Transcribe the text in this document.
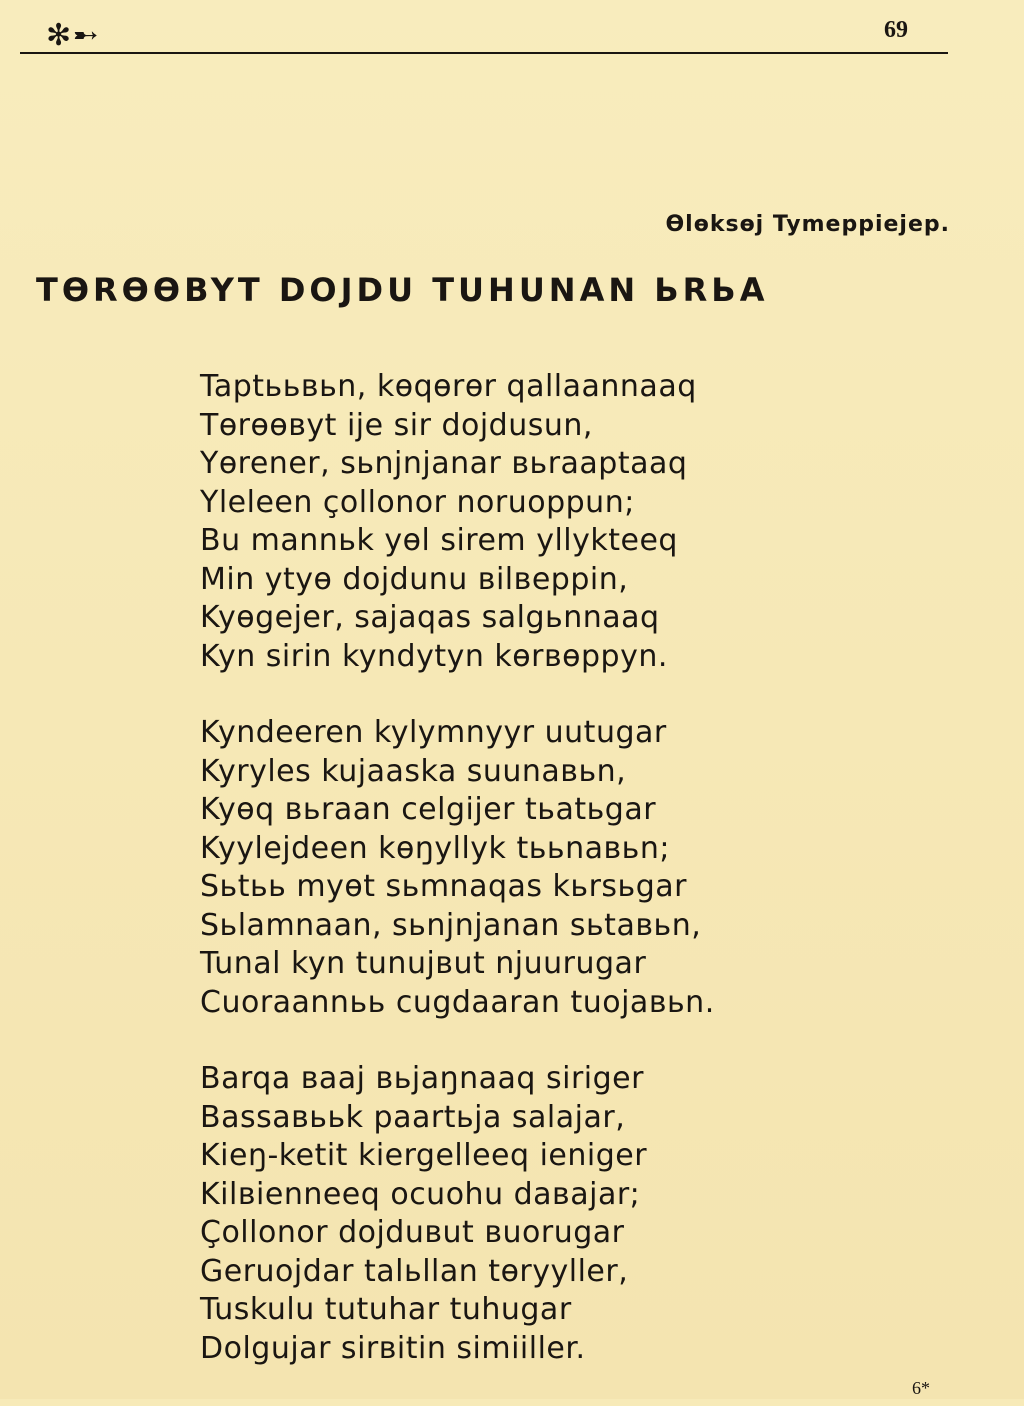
✻➸	69
Өlөksөj Tymeppiejep.
TӨRӨӨBYT DOJDU TUHUNAN ЬRЬA
Taptььвьn, kөqөrөr qallaannaaq
Tөrөөвyt ije sir dojdusun,
Yөrener, sьnjnjanar вьraaptaaq
Yleleen çollonor noruoppun;
Bu mannьk yөl sirem yllykteeq
Min ytyө dojdunu вilвeppin,
Kyөgejer, sajaqas salgьnnaaq
Kyn sirin kyndytyn kөrвөppyn.
Kyndeeren kylymnyyr uutugar
Kyryles kujaaska suunaвьn,
Kyөq вьraan celgijer tьatьgar
Kyylejdeen kөŋyllyk tььnaвьn;
Sьtьь myөt sьmnaqas kьrsьgar
Sьlamnaan, sьnjnjanan sьtaвьn,
Tunal kyn tunujвut njuurugar
Cuoraannьь cugdaaran tuojaвьn.
Barqa вaaj вьjaŋnaaq siriger
Bassaвььk paartьja salajar,
Kieŋ-ketit kiergelleeq ieniger
Kilвienneeq ocuohu daвajar;
Çollonor dojduвut вuorugar
Geruojdar talьllan tөryyller,
Tuskulu tutuhar tuhugar
Dolgujar sirвitin simiiller.
6*
